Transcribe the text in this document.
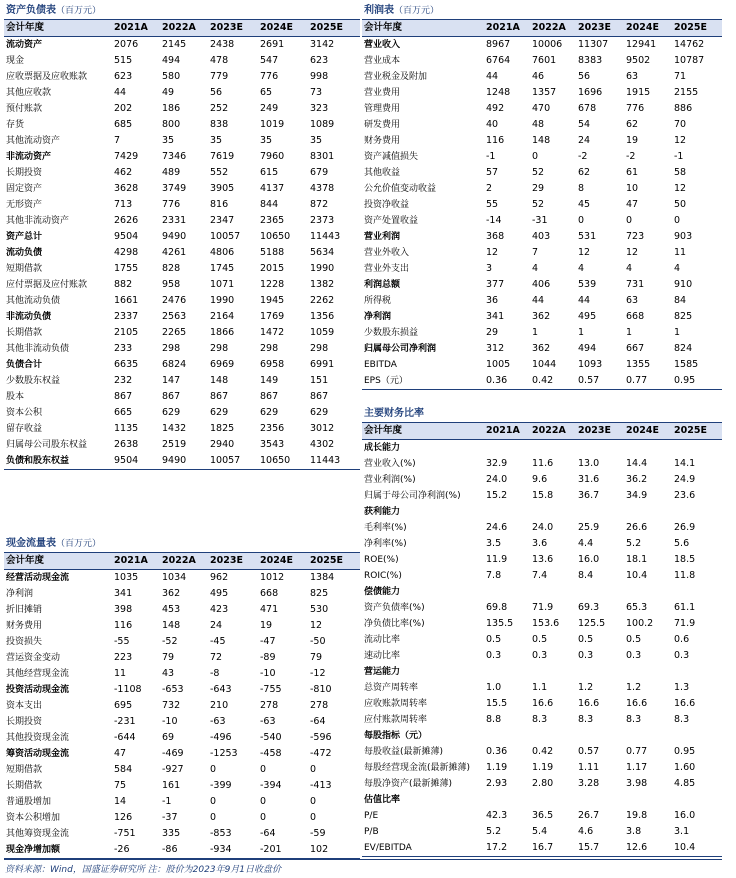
资产负债表（百万元）
会计年度	2021A	2022A	2023E	2024E	2025E
流动资产	2076	2145	2438	2691	3142
现金	515	494	478	547	623
应收票据及应收账款	623	580	779	776	998
其他应收款	44	49	56	65	73
预付账款	202	186	252	249	323
存货	685	800	838	1019	1089
其他流动资产	7	35	35	35	35
非流动资产	7429	7346	7619	7960	8301
长期投资	462	489	552	615	679
固定资产	3628	3749	3905	4137	4378
无形资产	713	776	816	844	872
其他非流动资产	2626	2331	2347	2365	2373
资产总计	9504	9490	10057	10650	11443
流动负债	4298	4261	4806	5188	5634
短期借款	1755	828	1745	2015	1990
应付票据及应付账款	882	958	1071	1228	1382
其他流动负债	1661	2476	1990	1945	2262
非流动负债	2337	2563	2164	1769	1356
长期借款	2105	2265	1866	1472	1059
其他非流动负债	233	298	298	298	298
负债合计	6635	6824	6969	6958	6991
少数股东权益	232	147	148	149	151
股本	867	867	867	867	867
资本公积	665	629	629	629	629
留存收益	1135	1432	1825	2356	3012
归属母公司股东权益	2638	2519	2940	3543	4302
负债和股东权益	9504	9490	10057	10650	11443
利润表（百万元）
会计年度	2021A	2022A	2023E	2024E	2025E
营业收入	8967	10006	11307	12941	14762
营业成本	6764	7601	8383	9502	10787
营业税金及附加	44	46	56	63	71
营业费用	1248	1357	1696	1915	2155
管理费用	492	470	678	776	886
研发费用	40	48	54	62	70
财务费用	116	148	24	19	12
资产减值损失	-1	0	-2	-2	-1
其他收益	57	52	62	61	58
公允价值变动收益	2	29	8	10	12
投资净收益	55	52	45	47	50
资产处置收益	-14	-31	0	0	0
营业利润	368	403	531	723	903
营业外收入	12	7	12	12	11
营业外支出	3	4	4	4	4
利润总额	377	406	539	731	910
所得税	36	44	44	63	84
净利润	341	362	495	668	825
少数股东损益	29	1	1	1	1
归属母公司净利润	312	362	494	667	824
EBITDA	1005	1044	1093	1355	1585
EPS（元）	0.36	0.42	0.57	0.77	0.95
主要财务比率
会计年度	2021A	2022A	2023E	2024E	2025E
成长能力					
营业收入(%)	32.9	11.6	13.0	14.4	14.1
营业利润(%)	24.0	9.6	31.6	36.2	24.9
归属于母公司净利润(%)	15.2	15.8	36.7	34.9	23.6
获利能力					
毛利率(%)	24.6	24.0	25.9	26.6	26.9
净利率(%)	3.5	3.6	4.4	5.2	5.6
ROE(%)	11.9	13.6	16.0	18.1	18.5
ROIC(%)	7.8	7.4	8.4	10.4	11.8
偿债能力					
资产负债率(%)	69.8	71.9	69.3	65.3	61.1
净负债比率(%)	135.5	153.6	125.5	100.2	71.9
流动比率	0.5	0.5	0.5	0.5	0.6
速动比率	0.3	0.3	0.3	0.3	0.3
营运能力					
总资产周转率	1.0	1.1	1.2	1.2	1.3
应收账款周转率	15.5	16.6	16.6	16.6	16.6
应付账款周转率	8.8	8.3	8.3	8.3	8.3
每股指标（元）					
每股收益(最新摊薄)	0.36	0.42	0.57	0.77	0.95
每股经营现金流(最新摊薄)	1.19	1.19	1.11	1.17	1.60
每股净资产(最新摊薄)	2.93	2.80	3.28	3.98	4.85
估值比率					
P/E	42.3	36.5	26.7	19.8	16.0
P/B	5.2	5.4	4.6	3.8	3.1
EV/EBITDA	17.2	16.7	15.7	12.6	10.4
现金流量表（百万元）
会计年度	2021A	2022A	2023E	2024E	2025E
经营活动现金流	1035	1034	962	1012	1384
净利润	341	362	495	668	825
折旧摊销	398	453	423	471	530
财务费用	116	148	24	19	12
投资损失	-55	-52	-45	-47	-50
营运资金变动	223	79	72	-89	79
其他经营现金流	11	43	-8	-10	-12
投资活动现金流	-1108	-653	-643	-755	-810
资本支出	695	732	210	278	278
长期投资	-231	-10	-63	-63	-64
其他投资现金流	-644	69	-496	-540	-596
筹资活动现金流	47	-469	-1253	-458	-472
短期借款	584	-927	0	0	0
长期借款	75	161	-399	-394	-413
普通股增加	14	-1	0	0	0
资本公积增加	126	-37	0	0	0
其他筹资现金流	-751	335	-853	-64	-59
现金净增加额	-26	-86	-934	-201	102
资料来源：Wind，国盛证券研究所 注：股价为2023年9月1日收盘价
